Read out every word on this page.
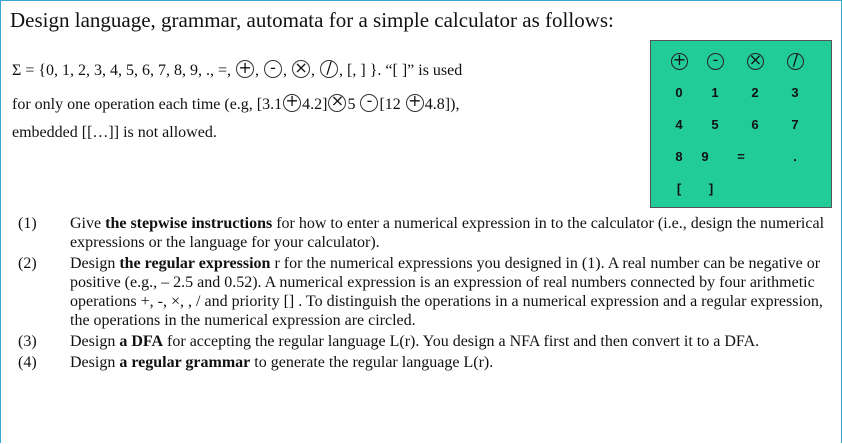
Design language, grammar, automata for a simple calculator as follows:
Σ = {0, 1, 2, 3, 4, 5, 6, 7, 8, 9, ., =, + , - , × , / , [, ] }. “[ ]” is used
for only one operation each time (e.g, [3.1 + 4.2] × 5 - [12 + 4.8]),
embedded [[…]] is not allowed.
+ - × /
0	1	2	3
4	5	6	7
8	9	=	.
[	]
(1)	Give the stepwise instructions for how to enter a numerical expression in to the calculator (i.e., design the numerical expressions or the language for your calculator).
(2)	Design the regular expression r for the numerical expressions you designed in (1). A real number can be negative or positive (e.g., – 2.5 and 0.52). A numerical expression is an expression of real numbers connected by four arithmetic operations +, -, ×, , / and priority [] . To distinguish the operations in a numerical expression and a regular expression, the operations in the numerical expression are circled.
(3)	Design a DFA for accepting the regular language L(r). You design a NFA first and then convert it to a DFA.
(4)	Design a regular grammar to generate the regular language L(r).
